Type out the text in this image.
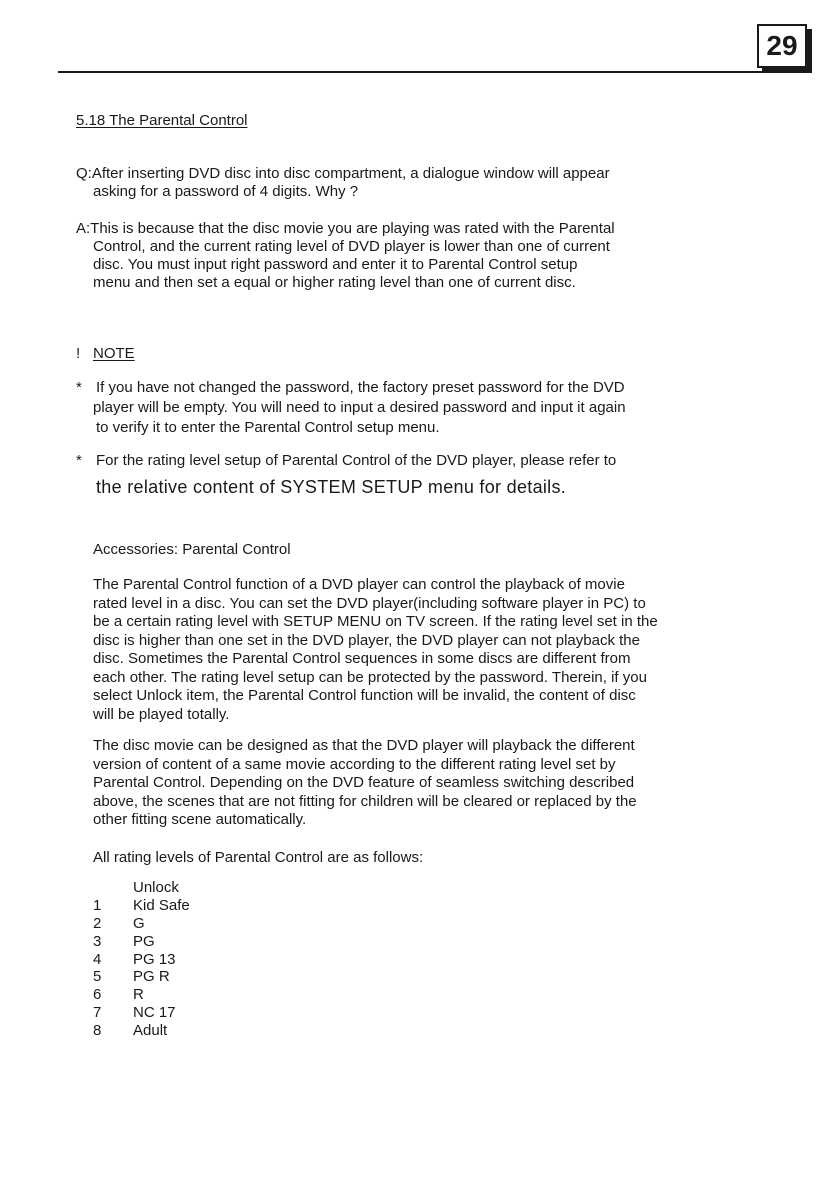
29
5.18 The Parental Control
Q:After inserting DVD disc into disc compartment, a dialogue window will appear
asking for a password of 4 digits. Why ?
A:This is because that the disc movie you are playing was rated with the Parental
Control, and the current rating level of DVD player is lower than one of current
disc. You must input right password and enter it to Parental Control setup
menu and then set a equal or higher rating level than one of current disc.
! NOTE
* If you have not changed the password, the factory preset password for the DVD
player will be empty. You will need to input a desired password and input it again
to verify it to enter the Parental Control setup menu.
* For the rating level setup of Parental Control of the DVD player, please refer to
the relative content of SYSTEM SETUP menu for details.
Accessories: Parental Control
The Parental Control function of a DVD player can control the playback of movie
rated level in a disc. You can set the DVD player(including software player in PC) to
be a certain rating level with SETUP MENU on TV screen. If the rating level set in the
disc is higher than one set in the DVD player, the DVD player can not playback the
disc. Sometimes the Parental Control sequences in some discs are different from
each other. The rating level setup can be protected by the password. Therein, if you
select Unlock item, the Parental Control function will be invalid, the content of disc
will be played totally.
The disc movie can be designed as that the DVD player will playback the different
version of content of a same movie according to the different rating level set by
Parental Control. Depending on the DVD feature of seamless switching described
above, the scenes that are not fitting for children will be cleared or replaced by the
other fitting scene automatically.
All rating levels of Parental Control are as follows:
Unlock
1	Kid Safe
2	G
3	PG
4	PG 13
5	PG R
6	R
7	NC 17
8	Adult
